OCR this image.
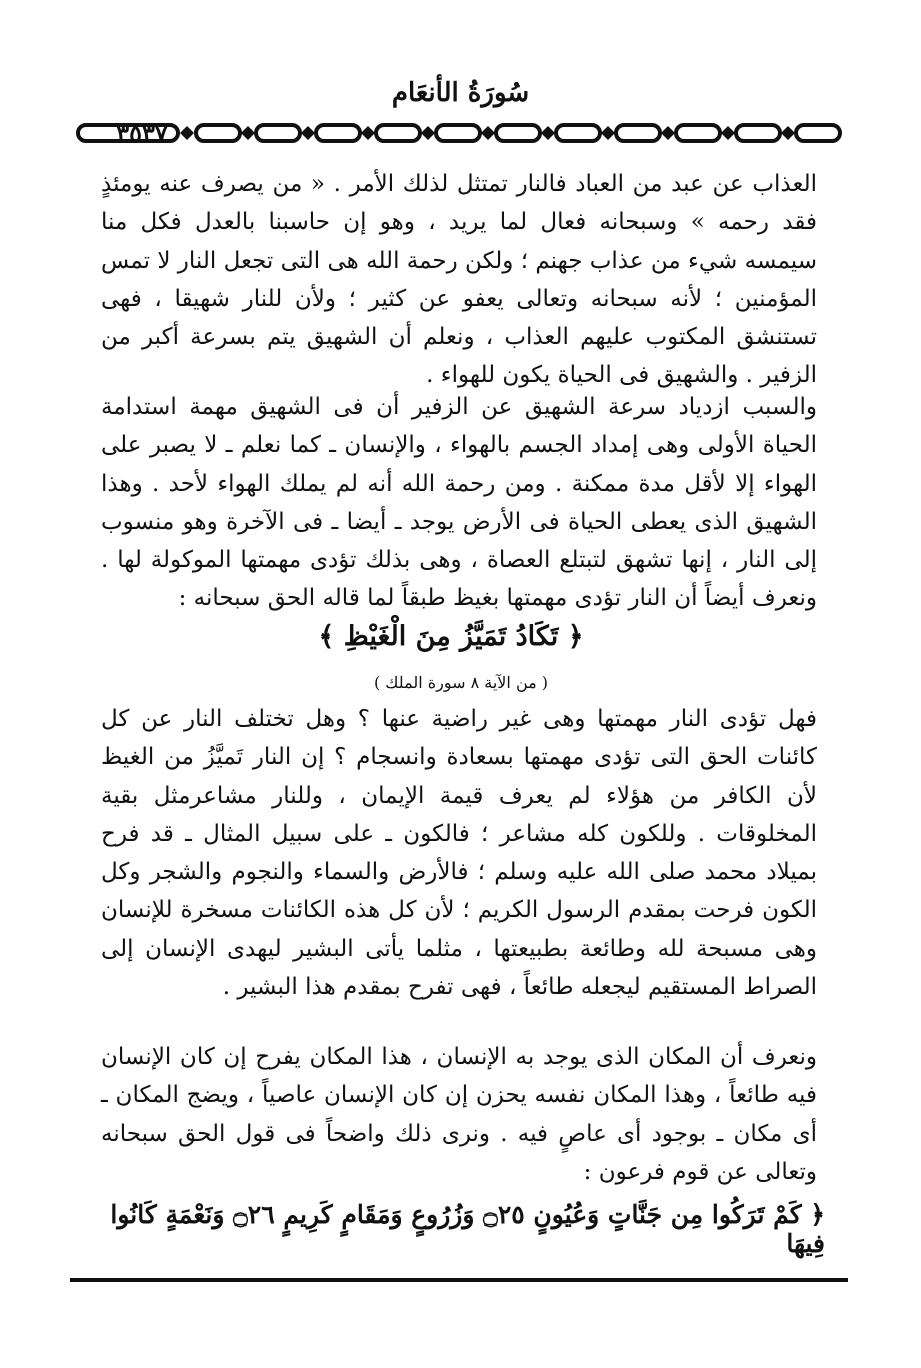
سُورَةُ الأنعَام
٣٥٣٧
العذاب عن عبد من العباد فالنار تمتثل لذلك الأمر . « من يصرف عنه يومئذٍ فقد رحمه » وسبحانه فعال لما يريد ، وهو إن حاسبنا بالعدل فكل منا سيمسه شيء من عذاب جهنم ؛ ولكن رحمة الله هى التى تجعل النار لا تمس المؤمنين ؛ لأنه سبحانه وتعالى يعفو عن كثير ؛ ولأن للنار شهيقا ، فهى تستنشق المكتوب عليهم العذاب ، ونعلم أن الشهيق يتم بسرعة أكبر من الزفير . والشهيق فى الحياة يكون للهواء .
والسبب ازدياد سرعة الشهيق عن الزفير أن فى الشهيق مهمة استدامة الحياة الأولى وهى إمداد الجسم بالهواء ، والإنسان ـ كما نعلم ـ لا يصبر على الهواء إلا لأقل مدة ممكنة . ومن رحمة الله أنه لم يملك الهواء لأحد . وهذا الشهيق الذى يعطى الحياة فى الأرض يوجد ـ أيضا ـ فى الآخرة وهو منسوب إلى النار ، إنها تشهق لتبتلع العصاة ، وهى بذلك تؤدى مهمتها الموكولة لها . ونعرف أيضاً أن النار تؤدى مهمتها بغيظ طبقاً لما قاله الحق سبحانه :
﴿ تَكَادُ تَمَيَّزُ مِنَ الْغَيْظِ ﴾
( من الآية ٨ سورة الملك )
فهل تؤدى النار مهمتها وهى غير راضية عنها ؟ وهل تختلف النار عن كل كائنات الحق التى تؤدى مهمتها بسعادة وانسجام ؟ إن النار تَميَّزُ من الغيظ لأن الكافر من هؤلاء لم يعرف قيمة الإيمان ، وللنار مشاعرمثل بقية المخلوقات . وللكون كله مشاعر ؛ فالكون ـ على سبيل المثال ـ قد فرح بميلاد محمد صلى الله عليه وسلم ؛ فالأرض والسماء والنجوم والشجر وكل الكون فرحت بمقدم الرسول الكريم ؛ لأن كل هذه الكائنات مسخرة للإنسان وهى مسبحة لله وطائعة بطبيعتها ، مثلما يأتى البشير ليهدى الإنسان إلى الصراط المستقيم ليجعله طائعاً ، فهى تفرح بمقدم هذا البشير .
ونعرف أن المكان الذى يوجد به الإنسان ، هذا المكان يفرح إن كان الإنسان فيه طائعاً ، وهذا المكان نفسه يحزن إن كان الإنسان عاصياً ، ويضج المكان ـ أى مكان ـ بوجود أى عاصٍ فيه . ونرى ذلك واضحاً فى قول الحق سبحانه وتعالى عن قوم فرعون :
﴿ كَمْ تَرَكُوا مِن جَنَّاتٍ وَعُيُونٍ ۝٢٥ وَزُرُوعٍ وَمَقَامٍ كَرِيمٍ ۝٢٦ وَنَعْمَةٍ كَانُوا فِيهَا
